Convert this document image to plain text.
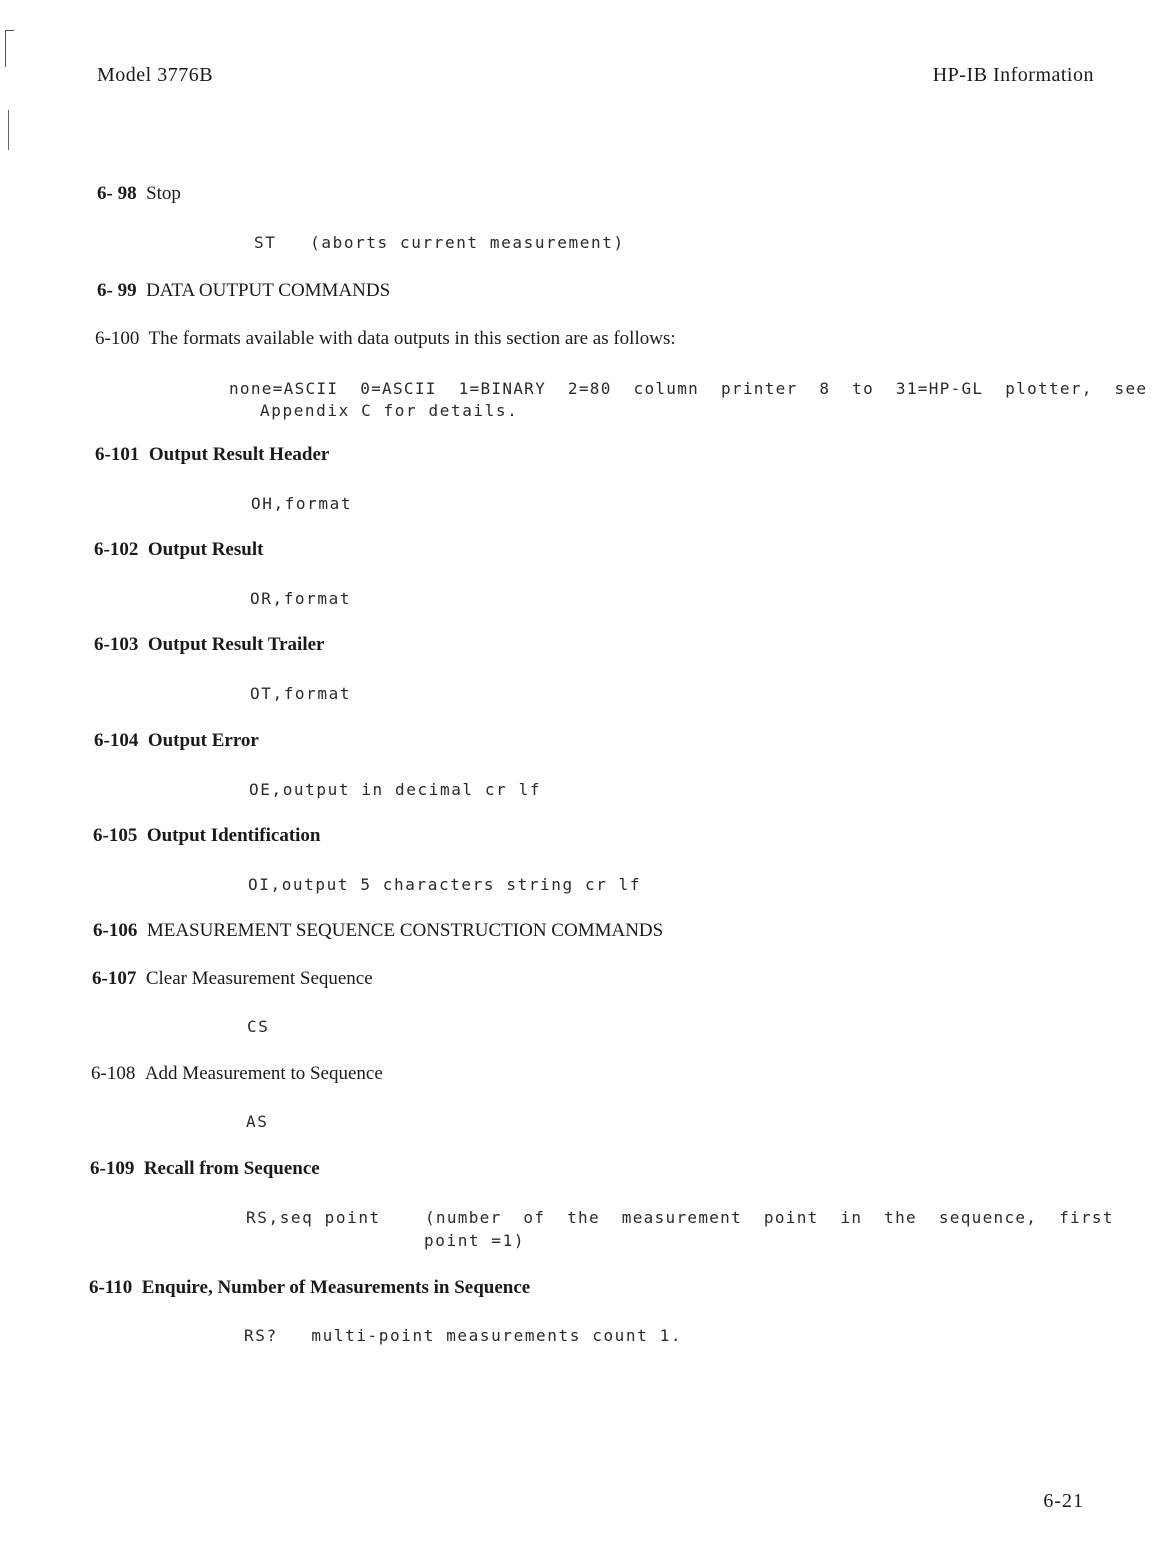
Model 3776B	HP-IB Information
6- 98 Stop
ST   (aborts current measurement)
6- 99 DATA OUTPUT COMMANDS
6-100 The formats available with data outputs in this section are as follows:
none=ASCII  0=ASCII  1=BINARY  2=80  column  printer  8  to  31=HP-GL  plotter,  see
Appendix C for details.
6-101 Output Result Header
OH,format
6-102 Output Result
OR,format
6-103 Output Result Trailer
OT,format
6-104 Output Error
OE,output in decimal cr lf
6-105 Output Identification
OI,output 5 characters string cr lf
6-106 MEASUREMENT SEQUENCE CONSTRUCTION COMMANDS
6-107 Clear Measurement Sequence
CS
6-108 Add Measurement to Sequence
AS
6-109 Recall from Sequence
RS,seq point	(number  of  the  measurement  point  in  the  sequence,  first
point =1)
6-110 Enquire, Number of Measurements in Sequence
RS?   multi-point measurements count 1.
6-21
